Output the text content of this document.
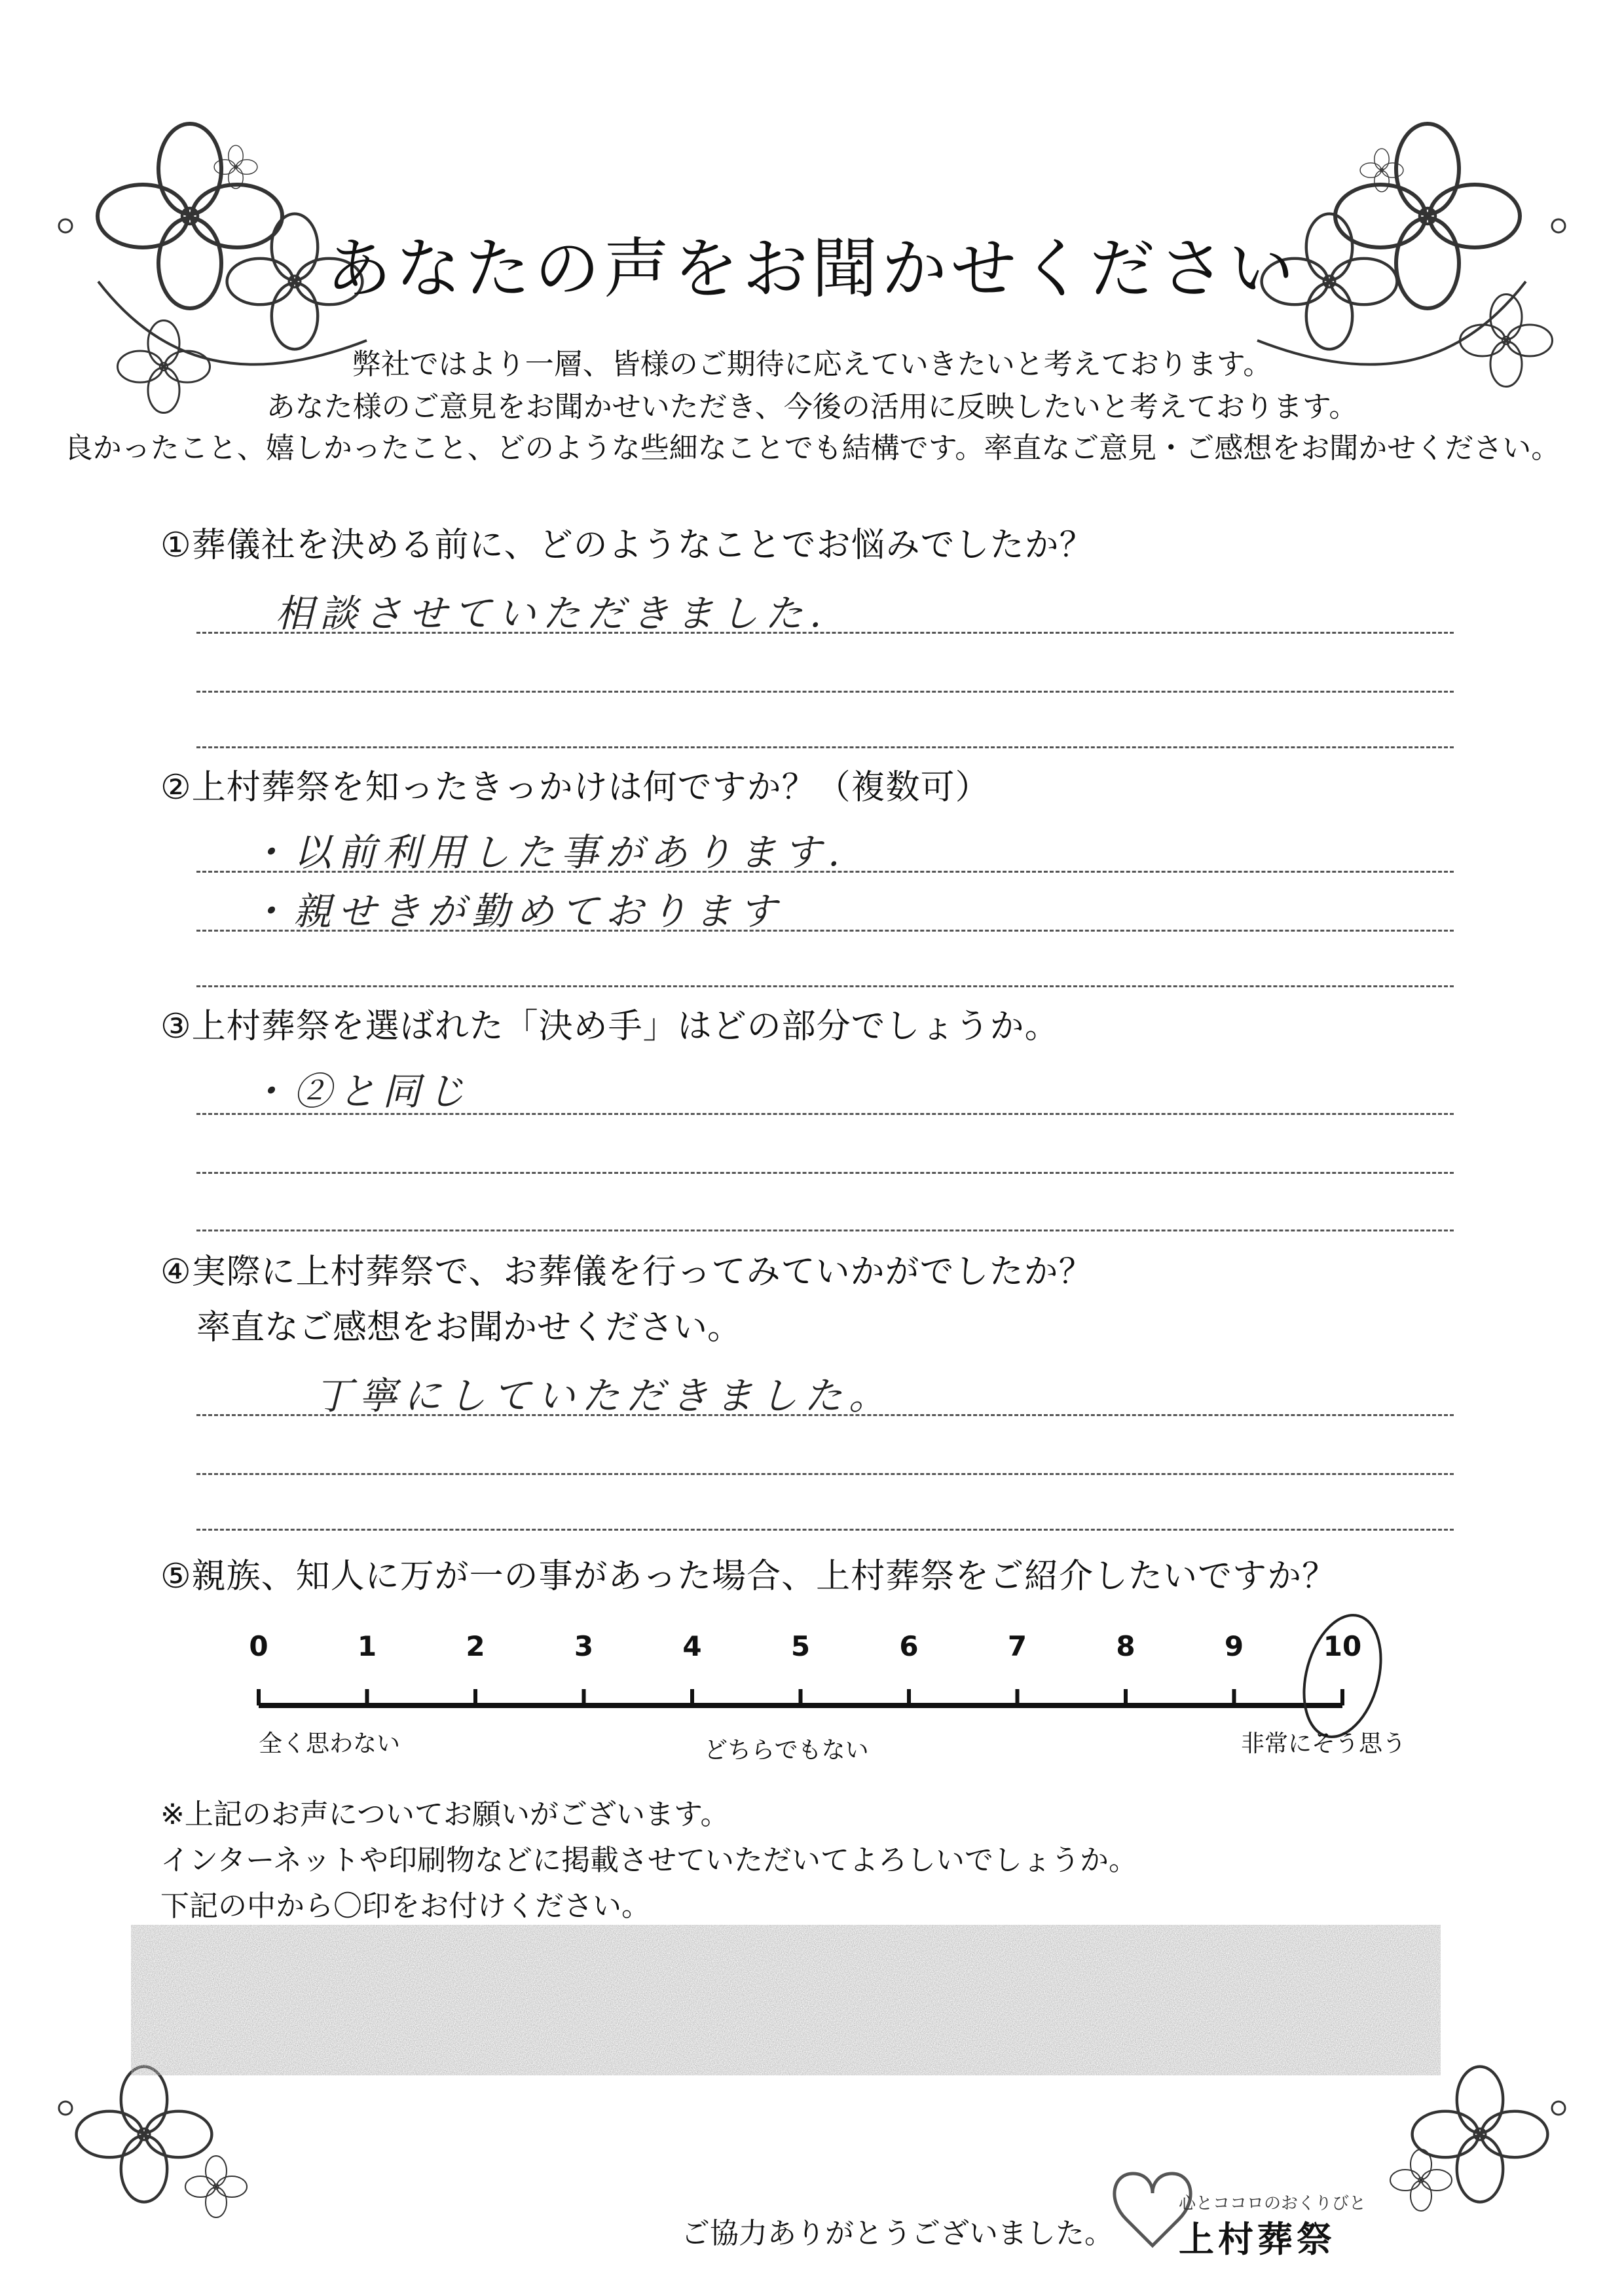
あなたの声をお聞かせください
弊社ではより一層、皆様のご期待に応えていきたいと考えております。
あなた様のご意見をお聞かせいただき、今後の活用に反映したいと考えております。
良かったこと、嬉しかったこと、どのような些細なことでも結構です。率直なご意見・ご感想をお聞かせください。
①葬儀社を決める前に、どのようなことでお悩みでしたか？
相談させていただきました.
②上村葬祭を知ったきっかけは何ですか？（複数可）
・以前利用した事があります.
・親せきが勤めております
③上村葬祭を選ばれた「決め手」はどの部分でしょうか。
・②と同じ
④実際に上村葬祭で、お葬儀を行ってみていかがでしたか？
率直なご感想をお聞かせください。
丁寧にしていただきました。
⑤親族、知人に万が一の事があった場合、上村葬祭をご紹介したいですか？
0	1	2	3	4	5	6	7	8	9	10
全く思わない	どちらでもない	非常にそう思う
※上記のお声についてお願いがございます。
インターネットや印刷物などに掲載させていただいてよろしいでしょうか。
下記の中から〇印をお付けください。
ご協力ありがとうございました。
心とココロのおくりびと
上村葬祭
